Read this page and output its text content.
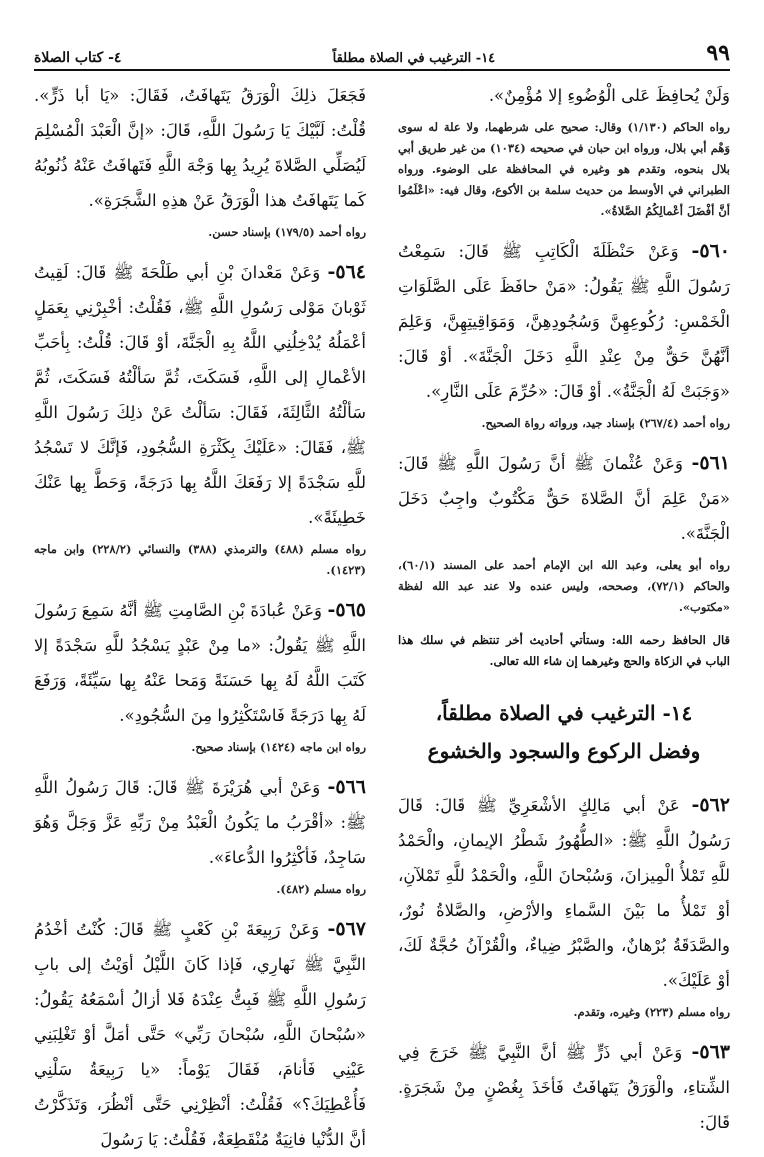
٩٩
١٤- الترغيب في الصلاة مطلقاً
٤- كتاب الصلاة

وَلَنْ يُحافِظَ عَلى الْوُضُوءِ إلا مُؤْمِنٌ».

رواه الحاكم (١/١٣٠) وقال: صحيح على شرطهما، ولا علة له سوى وَهْم أبي بلال، ورواه ابن حبان في صحيحه (١٠٣٤) من غير طريق أبي بلال بنحوه، وتقدم هو وغيره في المحافظة على الوضوء. ورواه الطبراني في الأوسط من حديث سلمة بن الأكوع، وقال فيه: «اعْلَمُوا أنَّ أفْضَلَ أعْمالِكُمُ الصَّلاةُ».

٥٦٠- وَعَنْ حَنْظَلَةَ الْكَاتِبِ ﷺ قَالَ: سَمِعْتُ رَسُولَ اللَّهِ ﷺ يَقُولُ: «مَنْ حافَظَ عَلَى الصَّلَوَاتِ الْخَمْسِ: رُكُوعِهِنَّ وَسُجُودِهِنَّ، وَمَوَاقِيتِهِنَّ، وَعَلِمَ أنَّهُنَّ حَقٌّ مِنْ عِنْدِ اللَّهِ دَخَلَ الْجَنَّةَ». أوْ قَالَ: «وَجَبَتْ لَهُ الْجَنَّةُ». أوْ قَالَ: «حُرِّمَ عَلَى النَّارِ».

رواه أحمد (٢٦٧/٤) بإسناد جيد، ورواته رواة الصحيح.

٥٦١- وَعَنْ عُثْمانَ ﷺ أنَّ رَسُولَ اللَّهِ ﷺ قَالَ: «مَنْ عَلِمَ أنَّ الصَّلاةَ حَقٌّ مَكْتُوبٌ واجِبٌ دَخَلَ الْجَنَّةَ».

رواه أبو يعلى، وعبد الله ابن الإمام أحمد على المسند (٦٠/١)، والحاكم (٧٢/١)، وصححه، وليس عنده ولا عند عبد الله لفظة «مكتوب».

قال الحافظ رحمه الله: وستأتي أحاديث أخر تنتظم في سلك هذا الباب في الزكاة والحج وغيرهما إن شاء الله تعالى.

١٤- الترغيب في الصلاة مطلقاً،
وفضل الركوع والسجود والخشوع

٥٦٢- عَنْ أبي مَالِكٍ الأشْعَرِيِّ ﷺ قَالَ: قَالَ رَسُولُ اللَّهِ ﷺ: «الطُّهُورُ شَطْرُ الإيمانِ، والْحَمْدُ للَّهِ تَمْلأُ الْمِيزانَ، وَسُبْحانَ اللَّهِ، والْحَمْدُ للَّهِ تَمْلآنِ، أوْ تَمْلأُ ما بَيْنَ السَّماءِ والأرْضِ، والصَّلاةُ نُورٌ، والصَّدَقَةُ بُرْهانٌ، والصَّبْرُ ضِياءٌ، والْقُرْآنُ حُجَّةٌ لَكَ، أوْ عَلَيْكَ».

رواه مسلم (٢٢٣) وغيره، وتقدم.

٥٦٣- وَعَنْ أبي ذَرٍّ ﷺ أنَّ النَّبِيَّ ﷺ خَرَجَ فِي الشِّتاءِ، والْوَرَقُ يَتَهافَتُ فَأخَذَ بِغُصْنٍ مِنْ شَجَرَةٍ. قَالَ:

فَجَعَلَ ذلِكَ الْوَرَقُ يَتَهافَتُ، فَقَالَ: «يَا أبا ذَرٍّ». قُلْتُ: لَبَّيْكَ يَا رَسُولَ اللَّهِ، قَالَ: «إنَّ الْعَبْدَ الْمُسْلِمَ لَيُصَلِّي الصَّلاةَ يُرِيدُ بِها وَجْهَ اللَّهِ فَتَهافَتُ عَنْهُ ذُنُوبُهُ كَما يَتَهافَتُ هذا الْوَرَقُ عَنْ هذِهِ الشَّجَرَةِ».

رواه أحمد (١٧٩/٥) بإسناد حسن.

٥٦٤- وَعَنْ مَعْدانَ بْنِ أبي طَلْحَةَ ﷺ قَالَ: لَقِيتُ ثَوْبانَ مَوْلى رَسُولِ اللَّهِ ﷺ، فَقُلْتُ: أخْبِرْنِي بِعَمَلٍ أعْمَلُهُ يُدْخِلُنِي اللَّهُ بِهِ الْجَنَّةَ، أوْ قَالَ: قُلْتُ: بِأحَبِّ الأعْمالِ إلى اللَّهِ، فَسَكَتَ، ثُمَّ سَألْتُهُ فَسَكَتَ، ثُمَّ سَألْتُهُ الثَّالِثَةَ، فَقَالَ: سَألْتُ عَنْ ذلِكَ رَسُولَ اللَّهِ ﷺ، فَقَالَ: «عَلَيْكَ بِكَثْرَةِ السُّجُودِ، فَإنَّكَ لا تَسْجُدُ للَّهِ سَجْدَةً إلا رَفَعَكَ اللَّهُ بِها دَرَجَةً، وَحَطَّ بِها عَنْكَ خَطِيئَةً».

رواه مسلم (٤٨٨) والترمذي (٣٨٨) والنسائي (٢٢٨/٢) وابن ماجه (١٤٢٣).

٥٦٥- وَعَنْ عُبادَةَ بْنِ الصَّامِتِ ﷺ أنَّهُ سَمِعَ رَسُولَ اللَّهِ ﷺ يَقُولُ: «ما مِنْ عَبْدٍ يَسْجُدُ للَّهِ سَجْدَةً إلا كَتَبَ اللَّهُ لَهُ بِها حَسَنَةً وَمَحا عَنْهُ بِها سَيِّئَةً، وَرَفَعَ لَهُ بِها دَرَجَةً فَاسْتَكْثِرُوا مِنَ السُّجُودِ».

رواه ابن ماجه (١٤٢٤) بإسناد صحيح.

٥٦٦- وَعَنْ أبي هُرَيْرَةَ ﷺ قَالَ: قَالَ رَسُولُ اللَّهِ ﷺ: «أقْرَبُ ما يَكُونُ الْعَبْدُ مِنْ رَبِّهِ عَزَّ وَجَلَّ وَهُوَ سَاجِدٌ، فَأكْثِرُوا الدُّعاءَ».

رواه مسلم (٤٨٢).

٥٦٧- وَعَنْ رَبِيعَةَ بْنِ كَعْبٍ ﷺ قَالَ: كُنْتُ أخْدُمُ النَّبِيَّ ﷺ نَهارِي، فَإذا كَانَ اللَّيْلُ أوَيْتُ إلى بابِ رَسُولِ اللَّهِ ﷺ فَبِتُّ عِنْدَهُ فَلا أزالُ أسْمَعُهُ يَقُولُ: «سُبْحانَ اللَّهِ، سُبْحانَ رَبِّي» حَتَّى أمَلَّ أوْ تَغْلِبَنِي عَيْنِي فَأنامَ، فَقَالَ يَوْماً: «يا رَبِيعَةُ سَلْنِي فَأُعْطِيَكَ؟» فَقُلْتُ: أنْظِرْنِي حَتَّى أنْظُرَ، وَتَذَكَّرْتُ أنَّ الدُّنْيا فانِيَةٌ مُنْقَطِعَةٌ، فَقُلْتُ: يَا رَسُولَ
